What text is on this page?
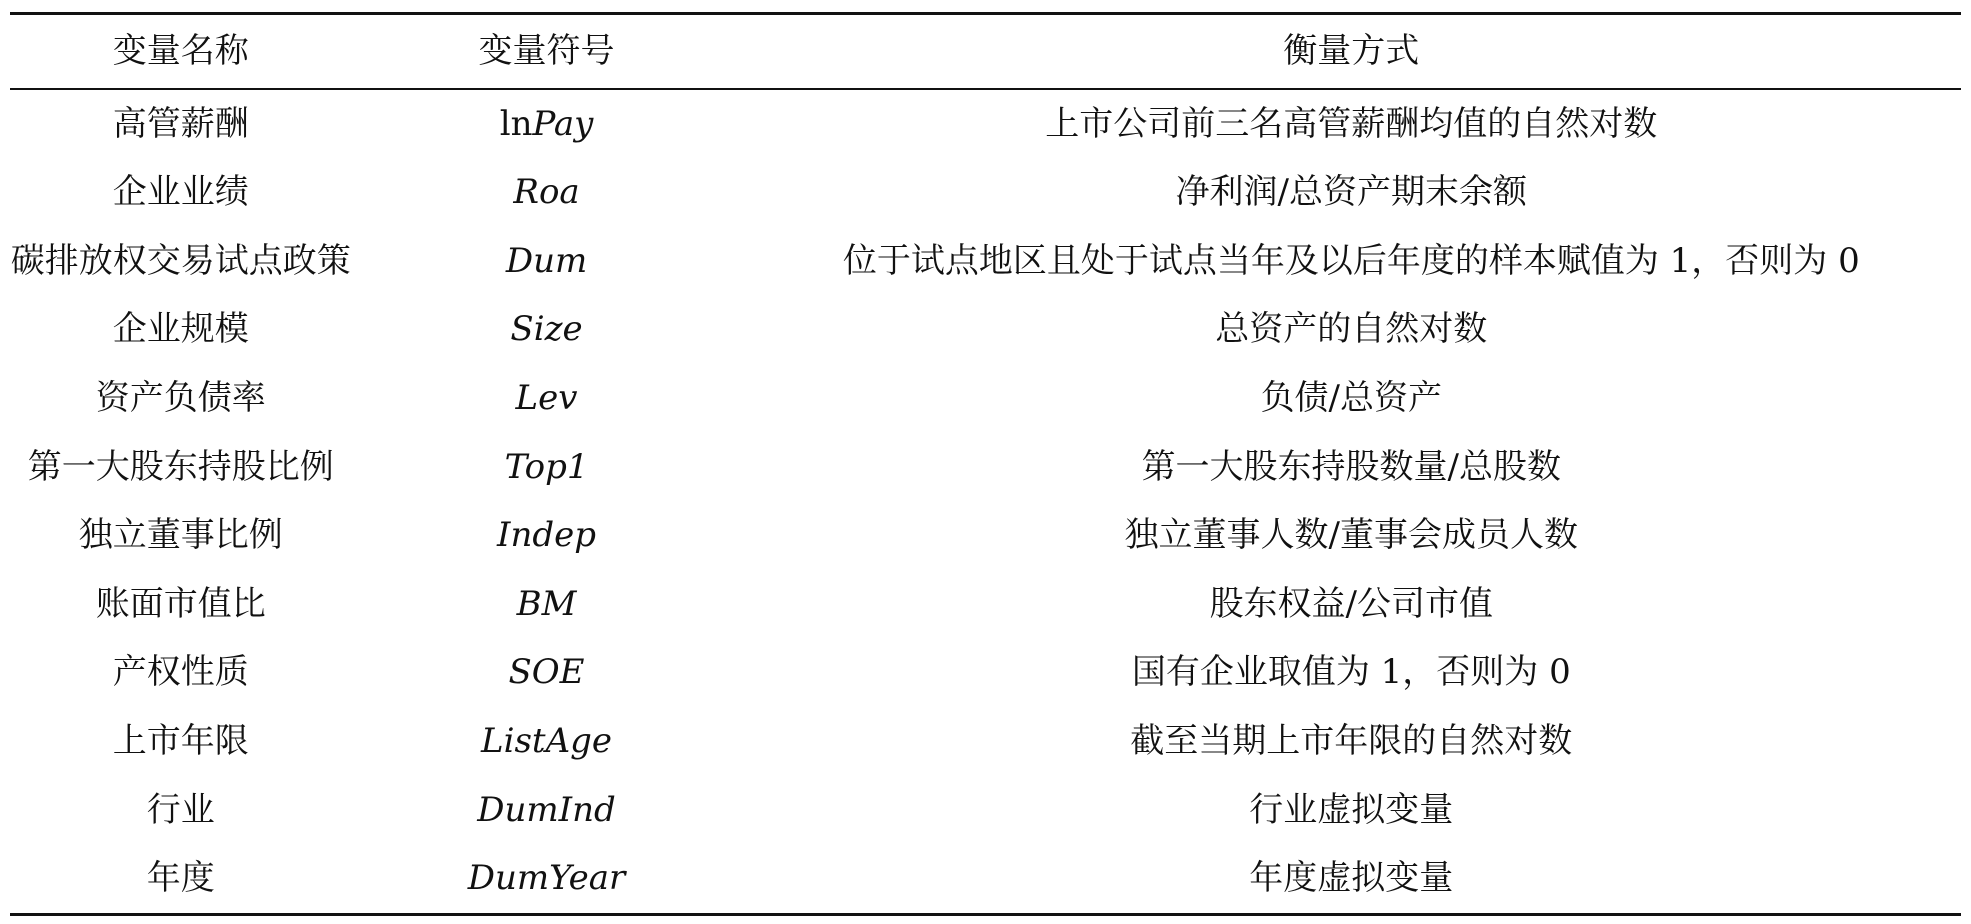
变量名称	变量符号	衡量方式
高管薪酬	lnPay	上市公司前三名高管薪酬均值的自然对数
企业业绩	Roa	净利润/总资产期末余额
碳排放权交易试点政策	Dum	位于试点地区且处于试点当年及以后年度的样本赋值为 1，否则为 0
企业规模	Size	总资产的自然对数
资产负债率	Lev	负债/总资产
第一大股东持股比例	Top1	第一大股东持股数量/总股数
独立董事比例	Indep	独立董事人数/董事会成员人数
账面市值比	BM	股东权益/公司市值
产权性质	SOE	国有企业取值为 1，否则为 0
上市年限	ListAge	截至当期上市年限的自然对数
行业	DumInd	行业虚拟变量
年度	DumYear	年度虚拟变量
